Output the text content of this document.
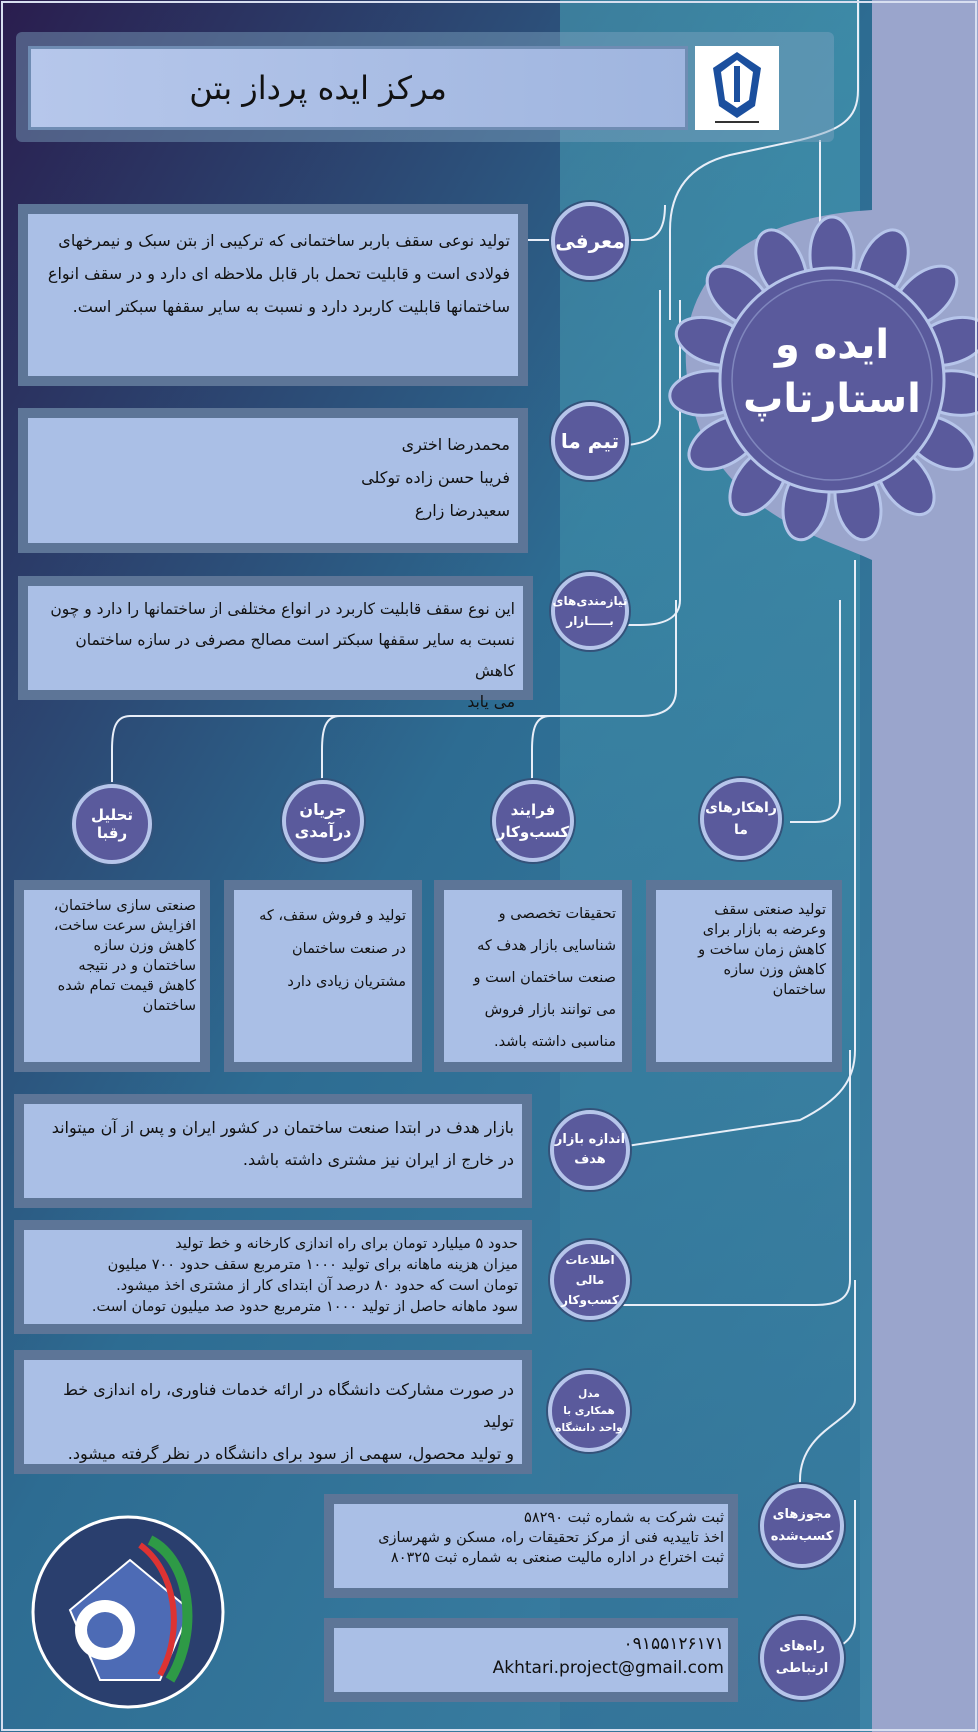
مرکز ایده پرداز بتن
ایده و
استارتاپ
تولید نوعی سقف باربر ساختمانی که ترکیبی از بتن سبک و نیمرخهای
فولادی است و قابلیت تحمل بار قابل ملاحظه ای دارد و در سقف انواع
ساختمانها قابلیت کاربرد دارد و نسبت به سایر سقفها سبکتر است.
معرفی
محمدرضا اختری
فریبا حسن زاده توکلی
سعیدرضا زارع
تیم ما
این نوع سقف قابلیت کاربرد در انواع مختلفی از ساختمانها را دارد و چون
نسبت به سایر سقفها سبکتر است مصالح مصرفی در سازه ساختمان کاهش
می یابد
نیازمندی‌های
بـــــازار
تحلیل رقبا
جریان
درآمدی
فرایند
کسب‌وکار
راهکارهای
ما
صنعتی سازی ساختمان،
افزایش سرعت ساخت،
کاهش وزن سازه
ساختمان و در نتیجه
کاهش قیمت تمام شده
ساختمان
تولید و فروش سقف، که
در صنعت ساختمان
مشتریان زیادی دارد
تحقیقات تخصصی و
شناسایی بازار هدف که
صنعت ساختمان است و
می توانند بازار فروش
مناسبی داشته باشد.
تولید صنعتی سقف
وعرضه به بازار برای
کاهش زمان ساخت و
کاهش وزن سازه
ساختمان
بازار هدف در ابتدا صنعت ساختمان در کشور ایران و پس از آن میتواند
در خارج از ایران نیز مشتری داشته باشد.
اندازه بازار
هدف
حدود ۵ میلیارد تومان برای راه اندازی کارخانه و خط تولید
میزان هزینه ماهانه برای تولید ۱۰۰۰ مترمربع سقف حدود ۷۰۰ میلیون
تومان است که حدود ۸۰ درصد آن ابتدای کار از مشتری اخذ میشود.
سود ماهانه حاصل از تولید ۱۰۰۰ مترمربع حدود صد میلیون تومان است.
اطلاعات مالی
کسب‌وکار
در صورت مشارکت دانشگاه در ارائه خدمات فناوری، راه اندازی خط تولید
و تولید محصول، سهمی از سود برای دانشگاه در نظر گرفته میشود.
مدل
همکاری با
واحد دانشگاه
ثبت شرکت به شماره ثبت ۵۸۲۹۰
اخذ تاییدیه فنی از مرکز تحقیقات راه، مسکن و شهرسازی
ثبت اختراع در اداره مالیت صنعتی به شماره ثبت ۸۰۳۲۵
مجوزهای
کسب‌شده
۰۹۱۵۵۱۲۶۱۷۱
Akhtari.project@gmail.com
راه‌های
ارتباطی
